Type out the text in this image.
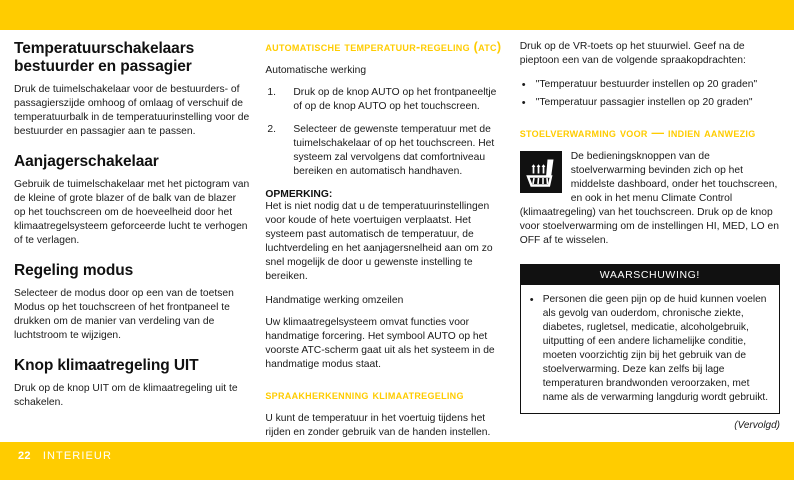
Temperatuurschakelaars bestuurder en passagier

Druk de tuimelschakelaar voor de bestuurders- of passagierszijde omhoog of omlaag of verschuif de temperatuurbalk in de temperatuurinstelling voor de bestuurder en passagier aan te passen.

Aanjagerschakelaar

Gebruik de tuimelschakelaar met het pictogram van de kleine of grote blazer of de balk van de blazer op het touchscreen om de hoeveelheid door het klimaatregelsysteem geforceerde lucht te verhogen of te verlagen.

Regeling modus

Selecteer de modus door op een van de toetsen Modus op het touchscreen of het frontpaneel te drukken om de manier van verdeling van de luchtstroom te wijzigen.

Knop klimaatregeling UIT

Druk op de knop UIT om de klimaatregeling uit te schakelen.

automatische temperatuur-regeling (atc)

Automatische werking

1. Druk op de knop AUTO op het frontpaneeltje of op de knop AUTO op het touchscreen.
2. Selecteer de gewenste temperatuur met de tuimelschakelaar of op het touchscreen. Het systeem zal vervolgens dat comfortniveau bereiken en automatisch handhaven.
OPMERKING:

Het is niet nodig dat u de temperatuurinstellingen voor koude of hete voertuigen verplaatst. Het systeem past automatisch de temperatuur, de luchtverdeling en het aanjagersnelheid aan om zo snel mogelijk de door u gewenste instelling te bereiken.

Handmatige werking omzeilen

Uw klimaatregelsysteem omvat functies voor handmatige forcering. Het symbool AUTO op het voorste ATC-scherm gaat uit als het systeem in de handmatige modus staat.

spraakherkenning klimaatregeling

U kunt de temperatuur in het voertuig tijdens het rijden en zonder gebruik van de handen instellen.

Druk op de VR-toets op het stuurwiel. Geef na de pieptoon een van de volgende spraakopdrachten:

• "Temperatuur bestuurder instellen op 20 graden"
• "Temperatuur passagier instellen op 20 graden"
stoelverwarming voor — indien aanwezig

De bedieningsknoppen van de stoelverwarming bevinden zich op het middelste dashboard, onder het touchscreen, en ook in het menu Climate Control (klimaatregeling) van het touchscreen. Druk op de knop voor stoelverwarming om de instellingen HI, MED, LO en OFF af te wisselen.

WAARSCHUWING!
• Personen die geen pijn op de huid kunnen voelen als gevolg van ouderdom, chronische ziekte, diabetes, rugletsel, medicatie, alcoholgebruik, uitputting of een andere lichamelijke conditie, moeten voorzichtig zijn bij het gebruik van de stoelverwarming. Deze kan zelfs bij lage temperaturen brandwonden veroorzaken, met name als de verwarming langdurig wordt gebruikt.
(Vervolgd)
22 INTERIEUR
